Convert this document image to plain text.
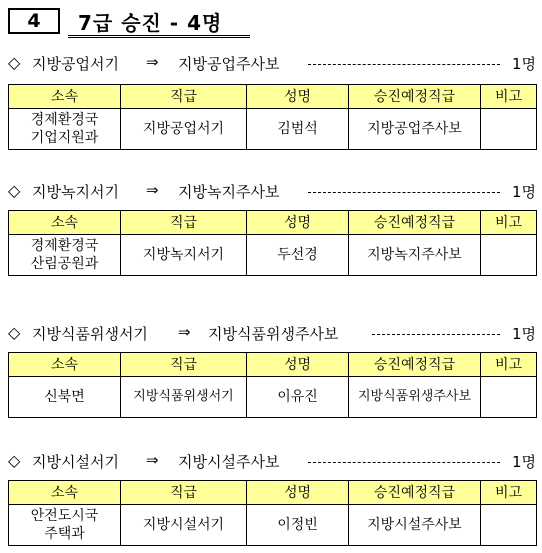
4	7급 승진 - 4명
◇ 지방공업서기 ⇒ 지방공업주사보	1명
소속	직급	성명	승진예정직급	비고
경제환경국
기업지원과	지방공업서기	김범석	지방공업주사보	
◇ 지방녹지서기 ⇒ 지방녹지주사보	1명
소속	직급	성명	승진예정직급	비고
경제환경국
산림공원과	지방녹지서기	두선경	지방녹지주사보	
◇ 지방식품위생서기 ⇒ 지방식품위생주사보	1명
소속	직급	성명	승진예정직급	비고
신북면	지방식품위생서기	이유진	지방식품위생주사보	
◇ 지방시설서기 ⇒ 지방시설주사보	1명
소속	직급	성명	승진예정직급	비고
안전도시국
주택과	지방시설서기	이정빈	지방시설주사보	
